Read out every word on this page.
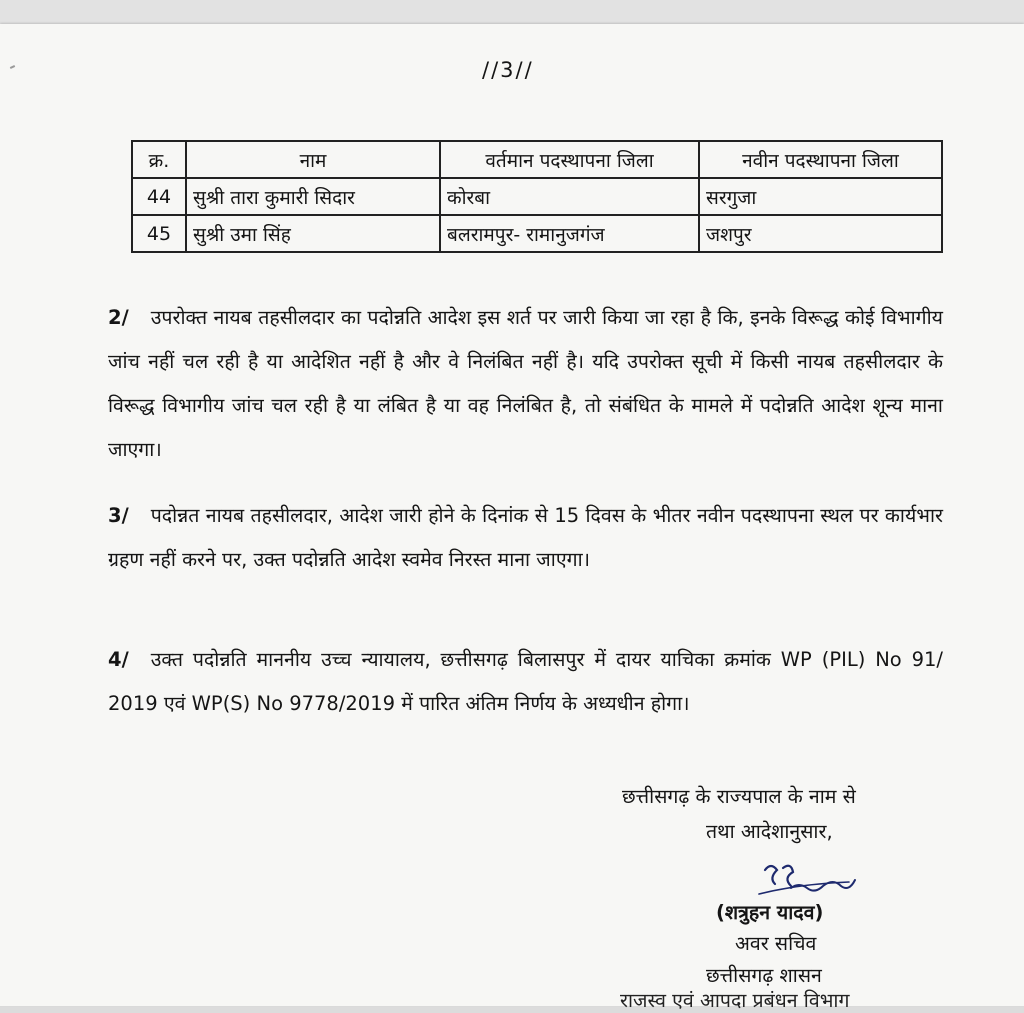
//3//
क्र.	नाम	वर्तमान पदस्थापना जिला	नवीन पदस्थापना जिला
44	सुश्री तारा कुमारी सिदार	कोरबा	सरगुजा
45	सुश्री उमा सिंह	बलरामपुर- रामानुजगंज	जशपुर

2/ उपरोक्त नायब तहसीलदार का पदोन्नति आदेश इस शर्त पर जारी किया जा रहा है कि, इनके विरूद्ध कोई विभागीय जांच नहीं चल रही है या आदेशित नहीं है और वे निलंबित नहीं है। यदि उपरोक्त सूची में किसी नायब तहसीलदार के विरूद्ध विभागीय जांच चल रही है या लंबित है या वह निलंबित है, तो संबंधित के मामले में पदोन्नति आदेश शून्य माना जाएगा।

3/ पदोन्नत नायब तहसीलदार, आदेश जारी होने के दिनांक से 15 दिवस के भीतर नवीन पदस्थापना स्थल पर कार्यभार ग्रहण नहीं करने पर, उक्त पदोन्नति आदेश स्वमेव निरस्त माना जाएगा।

4/ उक्त पदोन्नति माननीय उच्च न्यायालय, छत्तीसगढ़ बिलासपुर में दायर याचिका क्रमांक WP (PIL) No 91/ 2019 एवं WP(S) No 9778/2019 में पारित अंतिम निर्णय के अध्यधीन होगा।

छत्तीसगढ़ के राज्यपाल के नाम से
तथा आदेशानुसार,
(शत्रुहन यादव)
अवर सचिव
छत्तीसगढ़ शासन
राजस्व एवं आपदा प्रबंधन विभाग
